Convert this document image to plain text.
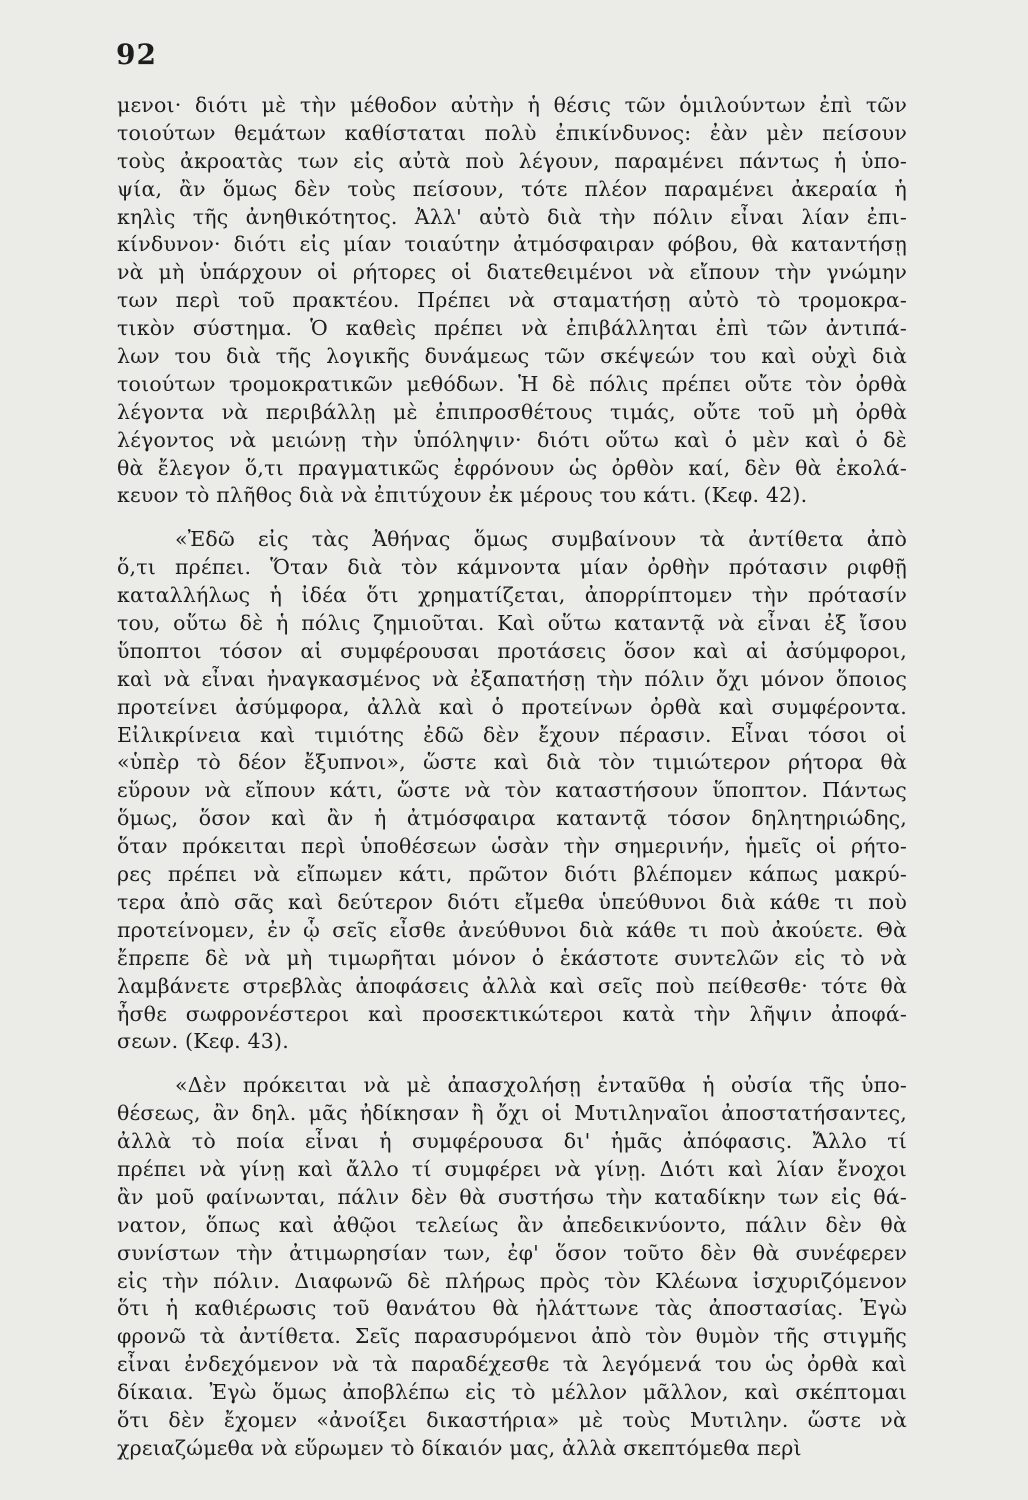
92
μενοι· διότι μὲ τὴν μέθοδον αὐτὴν ἡ θέσις τῶν ὁμιλούντων ἐπὶ τῶν
τοιούτων θεμάτων καθίσταται πολὺ ἐπικίνδυνος: ἐὰν μὲν πείσουν
τοὺς ἀκροατὰς των εἰς αὐτὰ ποὺ λέγουν, παραμένει πάντως ἡ ὑπο-
ψία, ἂν ὅμως δὲν τοὺς πείσουν, τότε πλέον παραμένει ἀκεραία ἡ
κηλὶς τῆς ἀνηθικότητος. Ἀλλ' αὐτὸ διὰ τὴν πόλιν εἶναι λίαν ἐπι-
κίνδυνον· διότι εἰς μίαν τοιαύτην ἀτμόσφαιραν φόβου, θὰ καταντήσῃ
νὰ μὴ ὑπάρχουν οἱ ρήτορες οἱ διατεθειμένοι νὰ εἴπουν τὴν γνώμην
των περὶ τοῦ πρακτέου. Πρέπει νὰ σταματήσῃ αὐτὸ τὸ τρομοκρα-
τικὸν σύστημα. Ὁ καθεὶς πρέπει νὰ ἐπιβάλληται ἐπὶ τῶν ἀντιπά-
λων του διὰ τῆς λογικῆς δυνάμεως τῶν σκέψεών του καὶ οὐχὶ διὰ
τοιούτων τρομοκρατικῶν μεθόδων. Ἡ δὲ πόλις πρέπει οὔτε τὸν ὀρθὰ
λέγοντα νὰ περιβάλλῃ μὲ ἐπιπροσθέτους τιμάς, οὔτε τοῦ μὴ ὀρθὰ
λέγοντος νὰ μειώνῃ τὴν ὑπόληψιν· διότι οὕτω καὶ ὁ μὲν καὶ ὁ δὲ
θὰ ἔλεγον ὅ,τι πραγματικῶς ἐφρόνουν ὡς ὀρθὸν καί, δὲν θὰ ἐκολά-
κευον τὸ πλῆθος διὰ νὰ ἐπιτύχουν ἐκ μέρους του κάτι. (Κεφ. 42).
«Ἐδῶ εἰς τὰς Ἀθήνας ὅμως συμβαίνουν τὰ ἀντίθετα ἀπὸ
ὅ,τι πρέπει. Ὅταν διὰ τὸν κάμνοντα μίαν ὀρθὴν πρότασιν ριφθῇ
καταλλήλως ἡ ἰδέα ὅτι χρηματίζεται, ἀπορρίπτομεν τὴν πρότασίν
του, οὕτω δὲ ἡ πόλις ζημιοῦται. Καὶ οὕτω καταντᾷ νὰ εἶναι ἐξ ἴσου
ὕποπτοι τόσον αἱ συμφέρουσαι προτάσεις ὅσον καὶ αἱ ἀσύμφοροι,
καὶ νὰ εἶναι ἠναγκασμένος νὰ ἐξαπατήσῃ τὴν πόλιν ὄχι μόνον ὅποιος
προτείνει ἀσύμφορα, ἀλλὰ καὶ ὁ προτείνων ὀρθὰ καὶ συμφέροντα.
Εἰλικρίνεια καὶ τιμιότης ἐδῶ δὲν ἔχουν πέρασιν. Εἶναι τόσοι οἱ
«ὑπὲρ τὸ δέον ἔξυπνοι», ὥστε καὶ διὰ τὸν τιμιώτερον ρήτορα θὰ
εὕρουν νὰ εἴπουν κάτι, ὥστε νὰ τὸν καταστήσουν ὕποπτον. Πάντως
ὅμως, ὅσον καὶ ἂν ἡ ἀτμόσφαιρα καταντᾷ τόσον δηλητηριώδης,
ὅταν πρόκειται περὶ ὑποθέσεων ὡσὰν τὴν σημερινήν, ἡμεῖς οἱ ρήτο-
ρες πρέπει νὰ εἴπωμεν κάτι, πρῶτον διότι βλέπομεν κάπως μακρύ-
τερα ἀπὸ σᾶς καὶ δεύτερον διότι εἴμεθα ὑπεύθυνοι διὰ κάθε τι ποὺ
προτείνομεν, ἐν ᾧ σεῖς εἶσθε ἀνεύθυνοι διὰ κάθε τι ποὺ ἀκούετε. Θὰ
ἔπρεπε δὲ νὰ μὴ τιμωρῆται μόνον ὁ ἑκάστοτε συντελῶν εἰς τὸ νὰ
λαμβάνετε στρεβλὰς ἀποφάσεις ἀλλὰ καὶ σεῖς ποὺ πείθεσθε· τότε θὰ
ἦσθε σωφρονέστεροι καὶ προσεκτικώτεροι κατὰ τὴν λῆψιν ἀποφά-
σεων. (Κεφ. 43).
«Δὲν πρόκειται νὰ μὲ ἀπασχολήσῃ ἐνταῦθα ἡ οὐσία τῆς ὑπο-
θέσεως, ἂν δηλ. μᾶς ἠδίκησαν ἢ ὄχι οἱ Μυτιληναῖοι ἀποστατήσαντες,
ἀλλὰ τὸ ποία εἶναι ἡ συμφέρουσα δι' ἡμᾶς ἀπόφασις. Ἄλλο τί
πρέπει νὰ γίνῃ καὶ ἄλλο τί συμφέρει νὰ γίνῃ. Διότι καὶ λίαν ἔνοχοι
ἂν μοῦ φαίνωνται, πάλιν δὲν θὰ συστήσω τὴν καταδίκην των εἰς θά-
νατον, ὅπως καὶ ἀθῷοι τελείως ἂν ἀπεδεικνύοντο, πάλιν δὲν θὰ
συνίστων τὴν ἀτιμωρησίαν των, ἐφ' ὅσον τοῦτο δὲν θὰ συνέφερεν
εἰς τὴν πόλιν. Διαφωνῶ δὲ πλήρως πρὸς τὸν Κλέωνα ἰσχυριζόμενον
ὅτι ἡ καθιέρωσις τοῦ θανάτου θὰ ἠλάττωνε τὰς ἀποστασίας. Ἐγὼ
φρονῶ τὰ ἀντίθετα. Σεῖς παρασυρόμενοι ἀπὸ τὸν θυμὸν τῆς στιγμῆς
εἶναι ἐνδεχόμενον νὰ τὰ παραδέχεσθε τὰ λεγόμενά του ὡς ὀρθὰ καὶ
δίκαια. Ἐγὼ ὅμως ἀποβλέπω εἰς τὸ μέλλον μᾶλλον, καὶ σκέπτομαι
ὅτι δὲν ἔχομεν «ἀνοίξει δικαστήρια» μὲ τοὺς Μυτιλην. ὥστε νὰ
χρειαζώμεθα νὰ εὕρωμεν τὸ δίκαιόν μας, ἀλλὰ σκεπτόμεθα περὶ
